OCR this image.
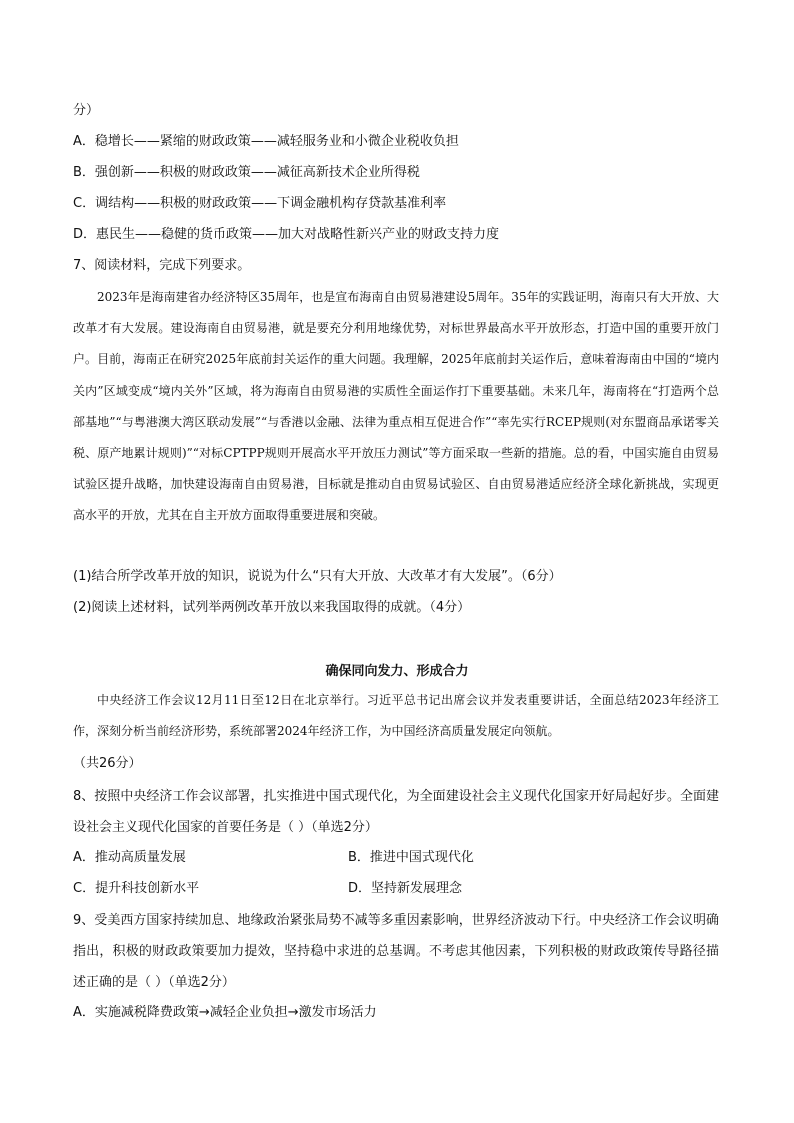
分）
A．稳增长——紧缩的财政政策——减轻服务业和小微企业税收负担
B．强创新——积极的财政政策——减征高新技术企业所得税
C．调结构——积极的财政政策——下调金融机构存贷款基准利率
D．惠民生——稳健的货币政策——加大对战略性新兴产业的财政支持力度
7、阅读材料，完成下列要求。

2023年是海南建省办经济特区35周年，也是宣布海南自由贸易港建设5周年。35年的实践证明，海南只有大开放、大改革才有大发展。建设海南自由贸易港，就是要充分利用地缘优势，对标世界最高水平开放形态，打造中国的重要开放门户。目前，海南正在研究2025年底前封关运作的重大问题。我理解，2025年底前封关运作后，意味着海南由中国的“境内关内”区域变成“境内关外”区域，将为海南自由贸易港的实质性全面运作打下重要基础。未来几年，海南将在“打造两个总部基地”“与粤港澳大湾区联动发展”“与香港以金融、法律为重点相互促进合作”“率先实行RCEP规则(对东盟商品承诺零关税、原产地累计规则)”“对标CPTPP规则开展高水平开放压力测试”等方面采取一些新的措施。总的看，中国实施自由贸易试验区提升战略，加快建设海南自由贸易港，目标就是推动自由贸易试验区、自由贸易港适应经济全球化新挑战，实现更高水平的开放，尤其在自主开放方面取得重要进展和突破。

(1)结合所学改革开放的知识，说说为什么“只有大开放、大改革才有大发展”。（6分）
(2)阅读上述材料，试列举两例改革开放以来我国取得的成就。（4分）
确保同向发力、形成合力

中央经济工作会议12月11日至12日在北京举行。习近平总书记出席会议并发表重要讲话，全面总结2023年经济工作，深刻分析当前经济形势，系统部署2024年经济工作，为中国经济高质量发展定向领航。

（共26分）

8、按照中央经济工作会议部署，扎实推进中国式现代化，为全面建设社会主义现代化国家开好局起好步。全面建设社会主义现代化国家的首要任务是（ ）（单选2分）

A．推动高质量发展	B．推进中国式现代化
C．提升科技创新水平	D．坚持新发展理念

9、受美西方国家持续加息、地缘政治紧张局势不减等多重因素影响，世界经济波动下行。中央经济工作会议明确指出，积极的财政政策要加力提效，坚持稳中求进的总基调。不考虑其他因素，下列积极的财政政策传导路径描述正确的是（ ）（单选2分）

A．实施减税降费政策→减轻企业负担→激发市场活力
